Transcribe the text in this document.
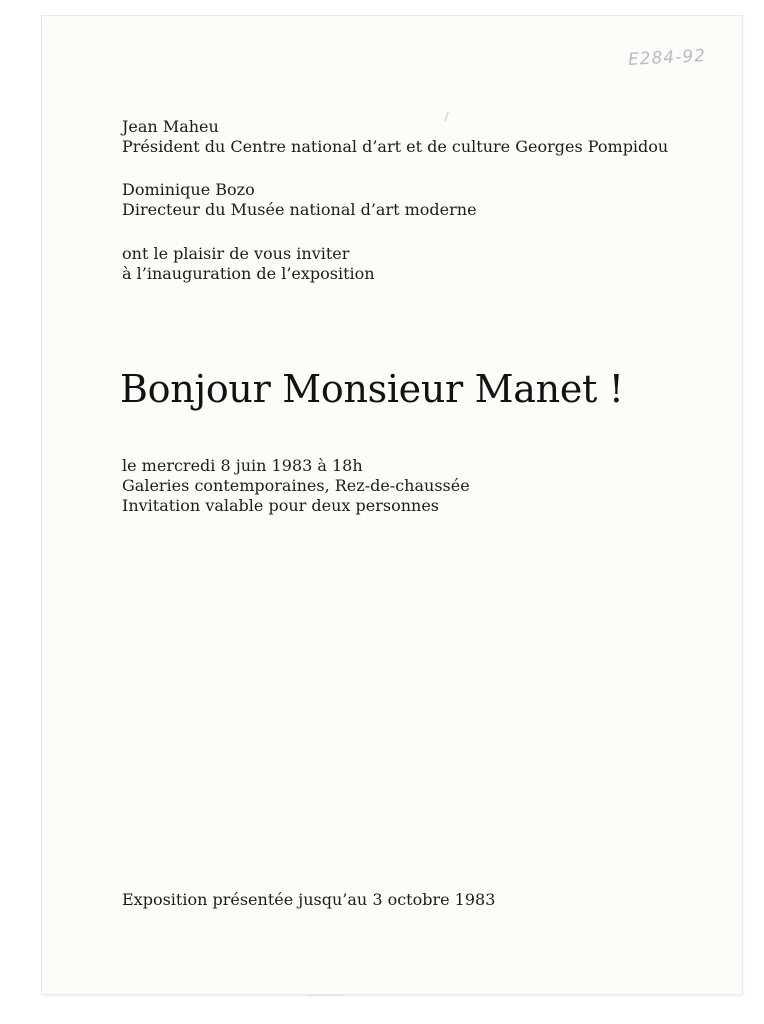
E284-92
Jean Maheu
Président du Centre national d’art et de culture Georges Pompidou
Dominique Bozo
Directeur du Musée national d’art moderne
ont le plaisir de vous inviter
à l’inauguration de l’exposition
Bonjour Monsieur Manet !
le mercredi 8 juin 1983 à 18h
Galeries contemporaines, Rez-de-chaussée
Invitation valable pour deux personnes
Exposition présentée jusqu’au 3 octobre 1983
